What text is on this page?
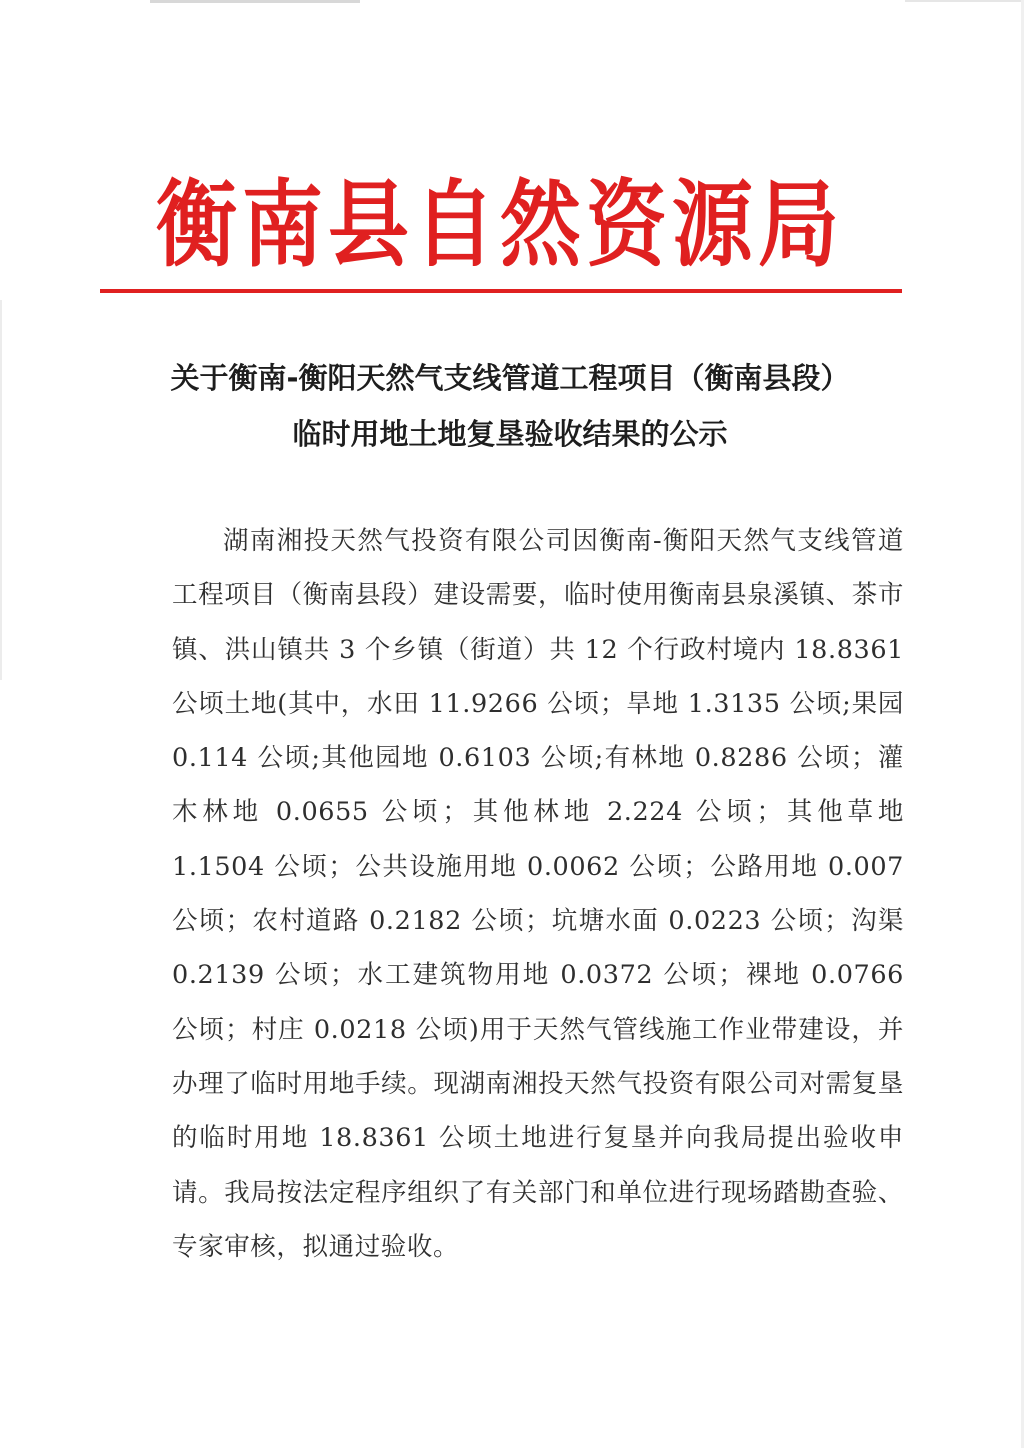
衡南县自然资源局
关于衡南-衡阳天然气支线管道工程项目（衡南县段）
临时用地土地复垦验收结果的公示

湖南湘投天然气投资有限公司因衡南-衡阳天然气支线管道工程项目（衡南县段）建设需要，临时使用衡南县泉溪镇、茶市镇、洪山镇共 3 个乡镇（街道）共 12 个行政村境内 18.8361 公顷土地(其中，水田 11.9266 公顷；旱地 1.3135 公顷;果园 0.114 公顷;其他园地 0.6103 公顷;有林地 0.8286 公顷；灌木林地 0.0655 公顷；其他林地 2.224 公顷；其他草地 1.1504 公顷；公共设施用地 0.0062 公顷；公路用地 0.007 公顷；农村道路 0.2182 公顷；坑塘水面 0.0223 公顷；沟渠 0.2139 公顷；水工建筑物用地 0.0372 公顷；裸地 0.0766 公顷；村庄 0.0218 公顷)用于天然气管线施工作业带建设，并办理了临时用地手续。现湖南湘投天然气投资有限公司对需复垦的临时用地 18.8361 公顷土地进行复垦并向我局提出验收申请。我局按法定程序组织了有关部门和单位进行现场踏勘查验、专家审核，拟通过验收。
